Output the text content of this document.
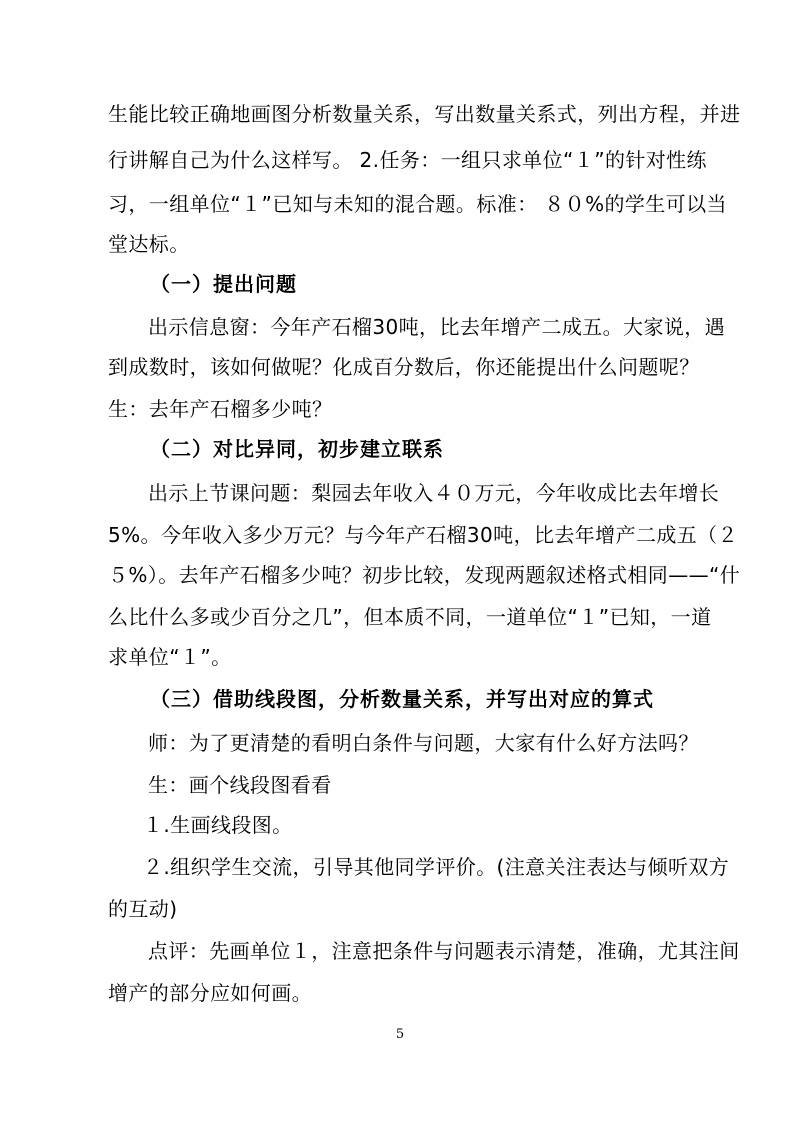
生能比较正确地画图分析数量关系，写出数量关系式，列出方程，并进
行讲解自己为什么这样写。 2.任务：一组只求单位“１”的针对性练
习，一组单位“１”已知与未知的混合题。标准： ８０%的学生可以当
堂达标。
（一）提出问题
出示信息窗：今年产石榴30吨，比去年增产二成五。大家说，遇
到成数时，该如何做呢？化成百分数后，你还能提出什么问题呢？
生：去年产石榴多少吨？
（二）对比异同，初步建立联系
出示上节课问题：梨园去年收入４０万元，今年收成比去年增长
5%。今年收入多少万元？与今年产石榴30吨，比去年增产二成五（２
５%）。去年产石榴多少吨？初步比较，发现两题叙述格式相同——“什
么比什么多或少百分之几”，但本质不同，一道单位“１”已知，一道
求单位“１”。
（三）借助线段图，分析数量关系，并写出对应的算式
师：为了更清楚的看明白条件与问题，大家有什么好方法吗？
生：画个线段图看看
１.生画线段图。
２.组织学生交流，引导其他同学评价。(注意关注表达与倾听双方
的互动)
点评：先画单位１，注意把条件与问题表示清楚，准确，尤其注间
增产的部分应如何画。
5
